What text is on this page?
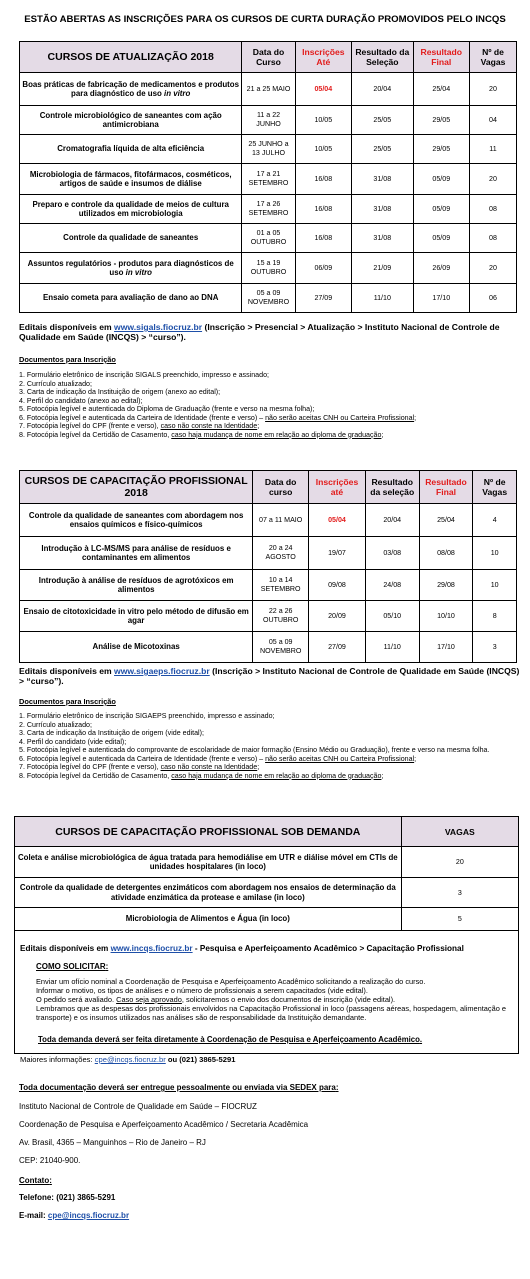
ESTÃO ABERTAS AS INSCRIÇÕES PARA OS CURSOS DE CURTA DURAÇÃO PROMOVIDOS PELO INCQS
CURSOS DE ATUALIZAÇÃO 2018	Data do Curso	Inscrições Até	Resultado da Seleção	Resultado Final	Nº de Vagas
Boas práticas de fabricação de medicamentos e produtos para diagnóstico de uso in vitro	21 a 25 MAIO	05/04	20/04	25/04	20
Controle microbiológico de saneantes com ação antimicrobiana	11 a 22 JUNHO	10/05	25/05	29/05	04
Cromatografia líquida de alta eficiência	25 JUNHO a 13 JULHO	10/05	25/05	29/05	11
Microbiologia de fármacos, fitofármacos, cosméticos, artigos de saúde e insumos de diálise	17 a 21 SETEMBRO	16/08	31/08	05/09	20
Preparo e controle da qualidade de meios de cultura utilizados em microbiologia	17 a 26 SETEMBRO	16/08	31/08	05/09	08
Controle da qualidade de saneantes	01 a 05 OUTUBRO	16/08	31/08	05/09	08
Assuntos regulatórios - produtos para diagnósticos de uso in vitro	15 a 19 OUTUBRO	06/09	21/09	26/09	20
Ensaio cometa para avaliação de dano ao DNA	05 a 09 NOVEMBRO	27/09	11/10	17/10	06
Editais disponíveis em www.sigals.fiocruz.br (Inscrição > Presencial > Atualização > Instituto Nacional de Controle de Qualidade em Saúde (INCQS) > “curso”).
Documentos para Inscrição
1. Formulário eletrônico de inscrição SIGALS preenchido, impresso e assinado;
2. Currículo atualizado;
3. Carta de indicação da Instituição de origem (anexo ao edital);
4. Perfil do candidato (anexo ao edital);
5. Fotocópia legível e autenticada do Diploma de Graduação (frente e verso na mesma folha);
6. Fotocópia legível e autenticada da Carteira de Identidade (frente e verso) – não serão aceitas CNH ou Carteira Profissional;
7. Fotocópia legível do CPF (frente e verso), caso não conste na Identidade;
8. Fotocópia legível da Certidão de Casamento, caso haja mudança de nome em relação ao diploma de graduação;
CURSOS DE CAPACITAÇÃO PROFISSIONAL 2018	Data do curso	Inscrições até	Resultado da seleção	Resultado Final	Nº de Vagas
Controle da qualidade de saneantes com abordagem nos ensaios químicos e físico-químicos	07 a 11 MAIO	05/04	20/04	25/04	4
Introdução à LC-MS/MS para análise de resíduos e contaminantes em alimentos	20 a 24 AGOSTO	19/07	03/08	08/08	10
Introdução à análise de resíduos de agrotóxicos em alimentos	10 a 14 SETEMBRO	09/08	24/08	29/08	10
Ensaio de citotoxicidade in vitro pelo método de difusão em agar	22 a 26 OUTUBRO	20/09	05/10	10/10	8
Análise de Micotoxinas	05 a 09 NOVEMBRO	27/09	11/10	17/10	3
Editais disponíveis em www.sigaeps.fiocruz.br (Inscrição > Instituto Nacional de Controle de Qualidade em Saúde (INCQS) > “curso”).
Documentos para Inscrição
1. Formulário eletrônico de inscrição SIGAEPS preenchido, impresso e assinado;
2. Currículo atualizado;
3. Carta de indicação da Instituição de origem (vide edital);
4. Perfil do candidato (vide edital);
5. Fotocópia legível e autenticada do comprovante de escolaridade de maior formação (Ensino Médio ou Graduação), frente e verso na mesma folha.
6. Fotocópia legível e autenticada da Carteira de Identidade (frente e verso) – não serão aceitas CNH ou Carteira Profissional;
7. Fotocópia legível do CPF (frente e verso), caso não conste na Identidade;
8. Fotocópia legível da Certidão de Casamento, caso haja mudança de nome em relação ao diploma de graduação;
CURSOS DE CAPACITAÇÃO PROFISSIONAL SOB DEMANDA	VAGAS
Coleta e análise microbiológica de água tratada para hemodiálise em UTR e diálise móvel em CTIs de unidades hospitalares (in loco)	20
Controle da qualidade de detergentes enzimáticos com abordagem nos ensaios de determinação da atividade enzimática da protease e amilase (in loco)	3
Microbiologia de Alimentos e Água (in loco)	5
Editais disponíveis em www.incqs.fiocruz.br - Pesquisa e Aperfeiçoamento Acadêmico > Capacitação Profissional
COMO SOLICITAR:
Enviar um ofício nominal a Coordenação de Pesquisa e Aperfeiçoamento Acadêmico solicitando a realização do curso.
Informar o motivo, os tipos de análises e o número de profissionais a serem capacitados (vide edital).
O pedido será avaliado. Caso seja aprovado, solicitaremos o envio dos documentos de inscrição (vide edital).
Lembramos que as despesas dos profissionais envolvidos na Capacitação Profissional in loco (passagens aéreas, hospedagem, alimentação e transporte) e os insumos utilizados nas análises são de responsabilidade da Instituição demandante.
Toda demanda deverá ser feita diretamente à Coordenação de Pesquisa e Aperfeiçoamento Acadêmico.
Maiores informações: cpe@incqs.fiocruz.br ou (021) 3865-5291
Toda documentação deverá ser entregue pessoalmente ou enviada via SEDEX para:
Instituto Nacional de Controle de Qualidade em Saúde – FIOCRUZ
Coordenação de Pesquisa e Aperfeiçoamento Acadêmico / Secretaria Acadêmica
Av. Brasil, 4365 – Manguinhos – Rio de Janeiro – RJ
CEP: 21040-900.
Contato:
Telefone: (021) 3865-5291
E-mail: cpe@incqs.fiocruz.br
